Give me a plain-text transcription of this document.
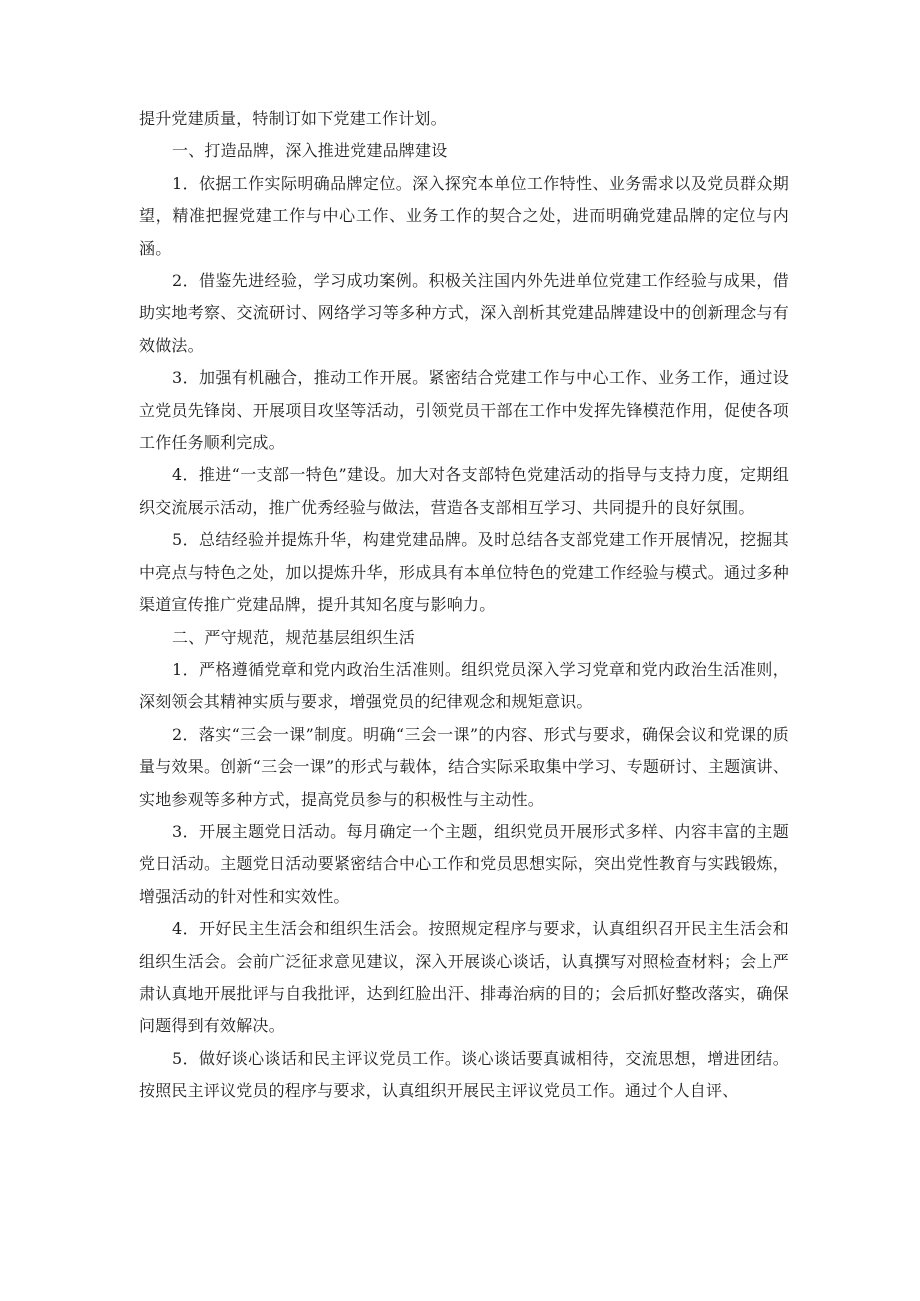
提升党建质量，特制订如下党建工作计划。

一、打造品牌，深入推进党建品牌建设

1．依据工作实际明确品牌定位。深入探究本单位工作特性、业务需求以及党员群众期望，精准把握党建工作与中心工作、业务工作的契合之处，进而明确党建品牌的定位与内涵。

2．借鉴先进经验，学习成功案例。积极关注国内外先进单位党建工作经验与成果，借助实地考察、交流研讨、网络学习等多种方式，深入剖析其党建品牌建设中的创新理念与有效做法。

3．加强有机融合，推动工作开展。紧密结合党建工作与中心工作、业务工作，通过设立党员先锋岗、开展项目攻坚等活动，引领党员干部在工作中发挥先锋模范作用，促使各项工作任务顺利完成。

4．推进“一支部一特色”建设。加大对各支部特色党建活动的指导与支持力度，定期组织交流展示活动，推广优秀经验与做法，营造各支部相互学习、共同提升的良好氛围。

5．总结经验并提炼升华，构建党建品牌。及时总结各支部党建工作开展情况，挖掘其中亮点与特色之处，加以提炼升华，形成具有本单位特色的党建工作经验与模式。通过多种渠道宣传推广党建品牌，提升其知名度与影响力。

二、严守规范，规范基层组织生活

1．严格遵循党章和党内政治生活准则。组织党员深入学习党章和党内政治生活准则，深刻领会其精神实质与要求，增强党员的纪律观念和规矩意识。

2．落实“三会一课”制度。明确“三会一课”的内容、形式与要求，确保会议和党课的质量与效果。创新“三会一课”的形式与载体，结合实际采取集中学习、专题研讨、主题演讲、实地参观等多种方式，提高党员参与的积极性与主动性。

3．开展主题党日活动。每月确定一个主题，组织党员开展形式多样、内容丰富的主题党日活动。主题党日活动要紧密结合中心工作和党员思想实际，突出党性教育与实践锻炼，增强活动的针对性和实效性。

4．开好民主生活会和组织生活会。按照规定程序与要求，认真组织召开民主生活会和组织生活会。会前广泛征求意见建议，深入开展谈心谈话，认真撰写对照检查材料；会上严肃认真地开展批评与自我批评，达到红脸出汗、排毒治病的目的；会后抓好整改落实，确保问题得到有效解决。

5．做好谈心谈话和民主评议党员工作。谈心谈话要真诚相待，交流思想，增进团结。按照民主评议党员的程序与要求，认真组织开展民主评议党员工作。通过个人自评、
